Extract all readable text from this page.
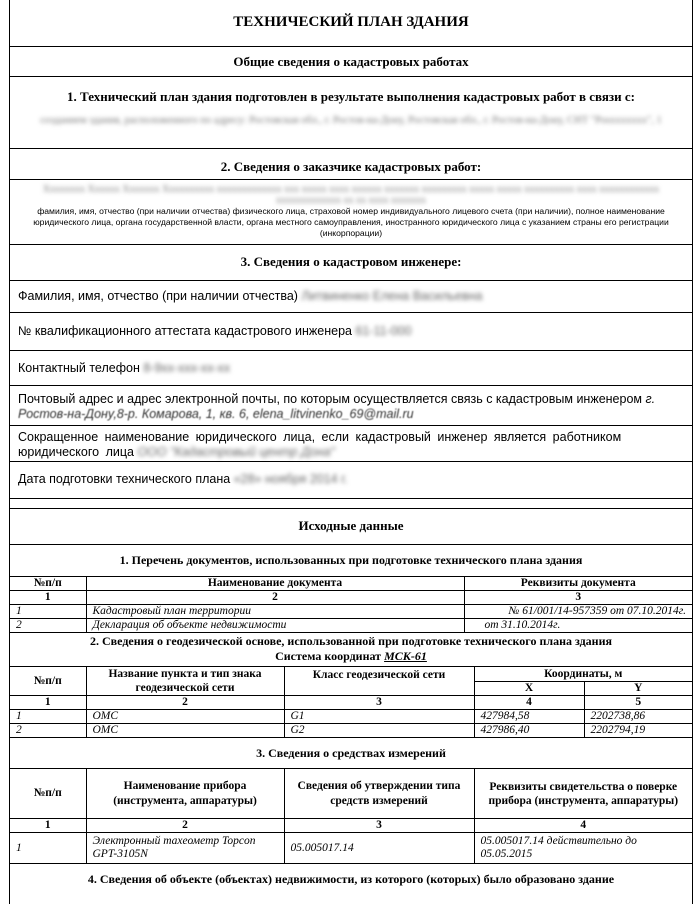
ТЕХНИЧЕСКИЙ ПЛАН ЗДАНИЯ
Общие сведения о кадастровых работах
1. Технический план здания подготовлен в результате выполнения кадастровых работ в связи с:
созданием здания, расположенного по адресу: Ростовская обл., г. Ростов-на-Дону, Ростовская обл., г. Ростов-на-Дону, СНТ "Posxxxxxxx", 1
2. Сведения о заказчике кадастровых работ:
Xxxxxxxx Xxxxxx Xxxxxxx Xxxxxxxxxx xxxxxxxxxxxxx xxx xxxxx xxxx xxxxxx xxxxxxx xxxxxxxxx xxxxx xxxxx xxxxxxxxxx xxxx xxxxxxxxxxxx xxxxxxxxxxxxx xx xx xxxx xxxxxxx
фамилия, имя, отчество (при наличии отчества) физического лица, страховой номер индивидуального лицевого счета (при наличии), полное наименование юридического лица, органа государственной власти, органа местного самоуправления, иностранного юридического лица с указанием страны его регистрации (инкорпорации)
3. Сведения о кадастровом инженере:
Фамилия, имя, отчество (при наличии отчества) Литвиненко Елена Васильевна
№ квалификационного аттестата кадастрового инженера 61-11-000
Контактный телефон 8-9xx-xxx-xx-xx
Почтовый адрес и адрес электронной почты, по которым осуществляется связь с кадастровым инженером г.
Ростов-на-Дону,8-р. Комарова, 1, кв. 6, elena_litvinenko_69@mail.ru
Сокращенное наименование юридического лица, если кадастровый инженер является работником юридического лица ООО "Кадастровый центр Дона"
Дата подготовки технического плана «28» ноября 2014 г.
Исходные данные
1. Перечень документов, использованных при подготовке технического плана здания
№п/п	Наименование документа	Реквизиты документа
1	2	3
1	Кадастровый план территории	№ 61/001/14-957359 от 07.10.2014г.
2	Декларация об объекте недвижимости	от 31.10.2014г.
2. Сведения о геодезической основе, использованной при подготовке технического плана здания
Система координат МСК-61
№п/п	Название пункта и тип знака геодезической сети	Класс геодезической сети	Координаты, м	
			X	Y
1	2	3	4	5
1	ОМС	G1	427984,58	2202738,86
2	ОМС	G2	427986,40	2202794,19
3. Сведения о средствах измерений
№п/п	Наименование прибора (инструмента, аппаратуры)	Сведения об утверждении типа средств измерений	Реквизиты свидетельства о поверке прибора (инструмента, аппаратуры)
1	2	3	4
1	Электронный тахеометр Topcon GPT-3105N	05.005017.14	05.005017.14 действительно до 05.05.2015
4. Сведения об объекте (объектах) недвижимости, из которого (которых) было образовано здание
